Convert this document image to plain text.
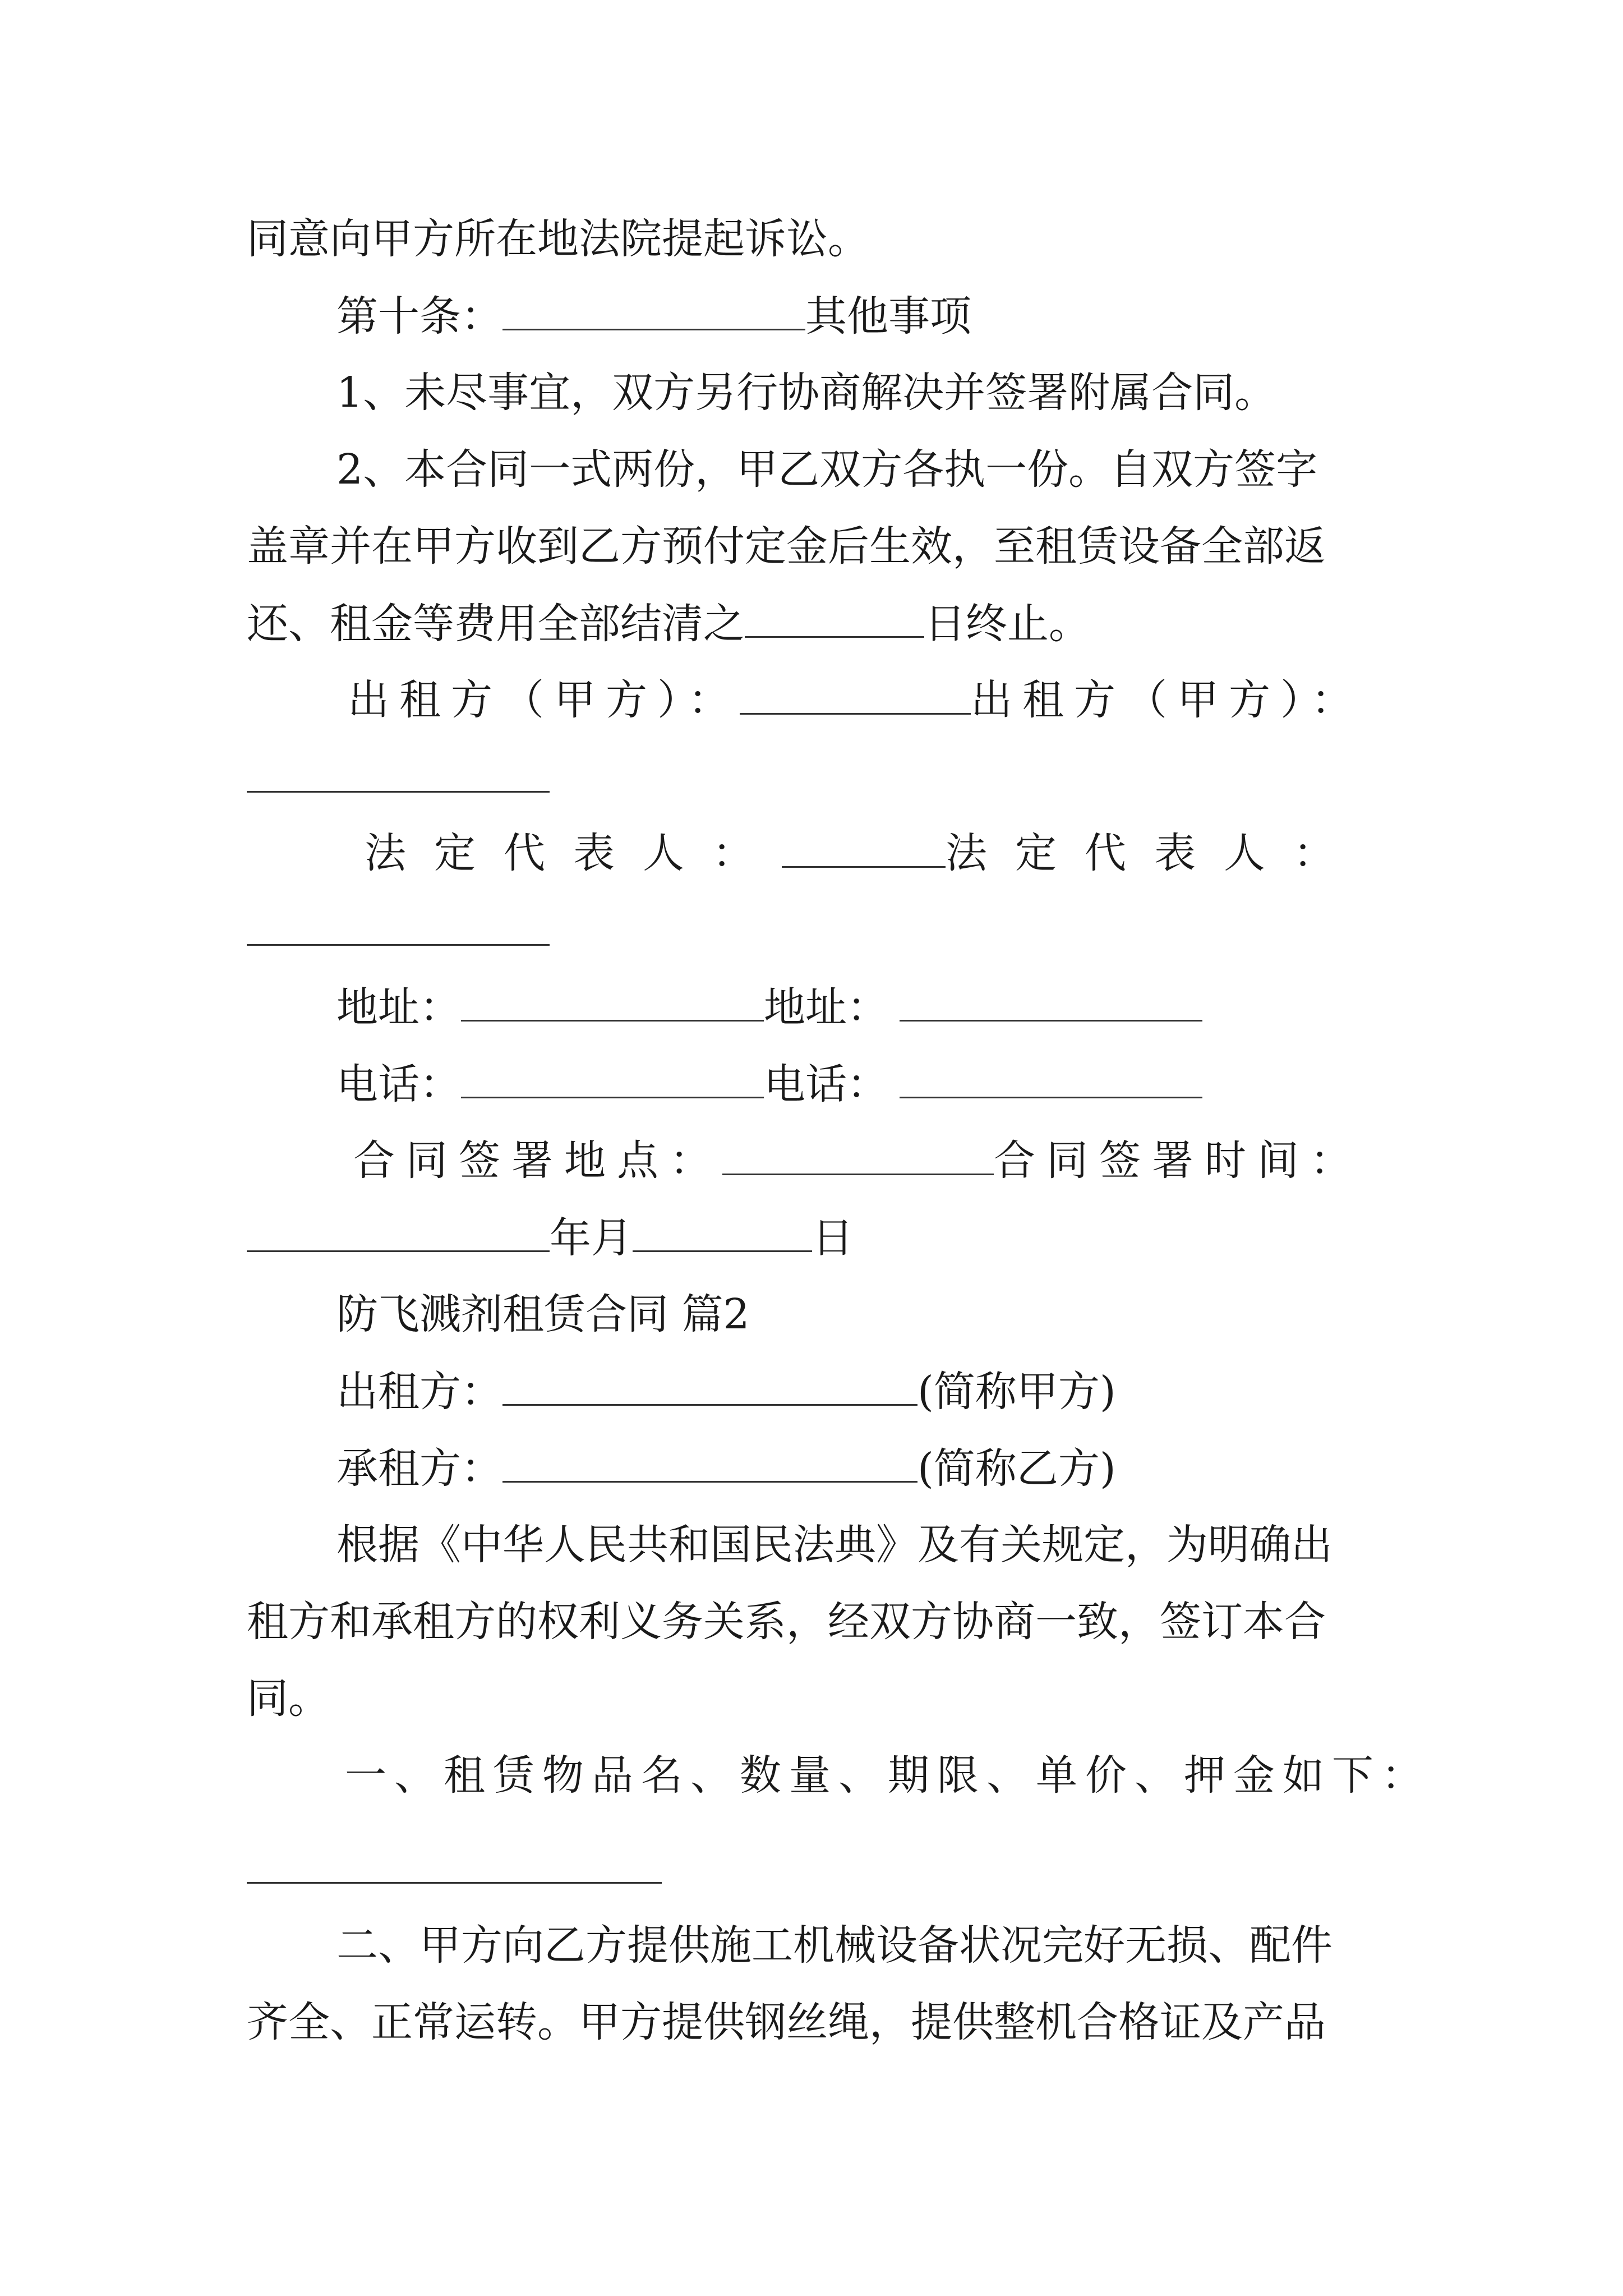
同意向甲方所在地法院提起诉讼。
第十条：	其他事项
1、未尽事宜，双方另行协商解决并签署附属合同。
2、本合同一式两份，甲乙双方各执一份。自双方签字
盖章并在甲方收到乙方预付定金后生效，至租赁设备全部返
还、租金等费用全部结清之	日终止。
出租方（甲方）：	出租方（甲方）：
法定代表人：	法定代表人：
地址：	地址：
电话：	电话：
合同签署地点：	合同签署时间：
年月	日
防飞溅剂租赁合同 篇2
出租方：	(简称甲方)
承租方：	(简称乙方)
根据《中华人民共和国民法典》及有关规定，为明确出
租方和承租方的权利义务关系，经双方协商一致，签订本合
同。
一、租赁物品名、数量、期限、单价、押金如下：
二、甲方向乙方提供施工机械设备状况完好无损、配件
齐全、正常运转。甲方提供钢丝绳，提供整机合格证及产品
